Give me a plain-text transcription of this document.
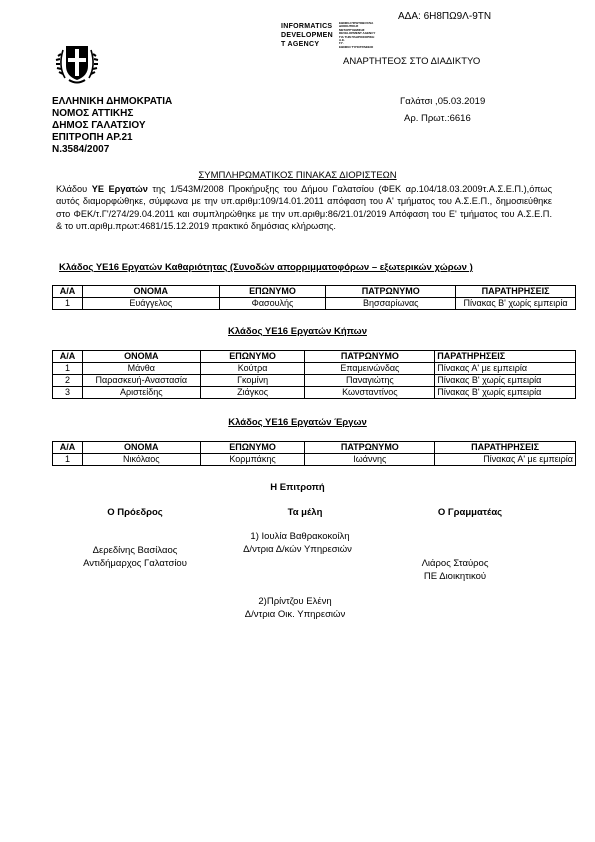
ΑΔΑ: 6Η8ΠΩ9Λ-9ΤΝ
INFORMATICS
DEVELOPMEN
T AGENCY
ΕΘΝΙΚΗ ΠΡΩΤΟΒΟΥΛΙΑ
ΔΙΟΙΚΗΤΙΚΗΣ
ΜΕΤΑΡΡΥΘΜΙΣΗΣ
DEVELOPMENT AGENCY
ΓΙΑ ΤΗΝ ΠΛΗΡΟΦΟΡΙΚΗ
Α.Ε.
Γ.Γ.
ΕΘΝΙΚΟ ΤΥΠΟΓΡΑΦΕΙΟ
ΑΝΑΡΤΗΤΕΟΣ ΣΤΟ ΔΙΑΔΙΚΤΥΟ
ΕΛΛΗΝΙΚΗ ΔΗΜΟΚΡΑΤΙΑ
ΝΟΜΟΣ ΑΤΤΙΚΗΣ
ΔΗΜΟΣ ΓΑΛΑΤΣΙΟΥ
ΕΠΙΤΡΟΠΗ ΑΡ.21
Ν.3584/2007
Γαλάτσι ,05.03.2019
Αρ. Πρωτ.:6616
ΣΥΜΠΛΗΡΩΜΑΤΙΚΟΣ ΠΙΝΑΚΑΣ ΔΙΟΡΙΣΤΕΩΝ
Κλάδου ΥΕ Εργατών της 1/543Μ/2008 Προκήρυξης του Δήμου Γαλατσίου (ΦΕΚ αρ.104/18.03.2009τ.Α.Σ.Ε.Π.),όπως αυτός διαμορφώθηκε, σύμφωνα με την υπ.αριθμ:109/14.01.2011 απόφαση του Α' τμήματος του Α.Σ.Ε.Π., δημοσιεύθηκε στο ΦΕΚ/τ.Γ'/274/29.04.2011 και συμπληρώθηκε με την υπ.αριθμ:86/21.01/2019 Απόφαση του Ε' τμήματος του Α.Σ.Ε.Π. & το υπ.αριθμ.πρωτ:4681/15.12.2019 πρακτικό δημόσιας κλήρωσης.
Κλάδος ΥΕ16 Εργατών Καθαριότητας (Συνοδών απορριμματοφόρων – εξωτερικών χώρων )
Α/Α	ΟΝΟΜΑ	ΕΠΩΝΥΜΟ	ΠΑΤΡΩΝΥΜΟ	ΠΑΡΑΤΗΡΗΣΕΙΣ
1	Ευάγγελος	Φασουλής	Βησσαρίωνας	Πίνακας Β' χωρίς εμπειρία
Κλάδος ΥΕ16 Εργατών Κήπων
Α/Α	ΟΝΟΜΑ	ΕΠΩΝΥΜΟ	ΠΑΤΡΩΝΥΜΟ	ΠΑΡΑΤΗΡΗΣΕΙΣ
1	Μάνθα	Κούτρα	Επαμεινώνδας	Πίνακας Α' με εμπειρία
2	Παρασκευή-Αναστασία	Γκομίνη	Παναγιώτης	Πίνακας Β' χωρίς εμπειρία
3	Αριστείδης	Ζιάγκος	Κωνσταντίνος	Πίνακας Β' χωρίς εμπειρία
Κλάδος ΥΕ16 Εργατών Έργων
Α/Α	ΟΝΟΜΑ	ΕΠΩΝΥΜΟ	ΠΑΤΡΩΝΥΜΟ	ΠΑΡΑΤΗΡΗΣΕΙΣ
1	Νικόλαος	Κορμπάκης	Ιωάννης	Πίνακας Α' με εμπειρία
Η Επιτροπή
Ο Πρόεδρος	Τα μέλη	Ο Γραμματέας
1) Ιουλία Βαθρακοκοίλη
Δ/ντρια Δ/κών Υπηρεσιών
Δερεδίνης Βασίλαος
Αντιδήμαρχος Γαλατσίου	Λιάρος Σταύρος
ΠΕ Διοικητικού
2)Πρίντζου Ελένη
Δ/ντρια Οικ. Υπηρεσιών
